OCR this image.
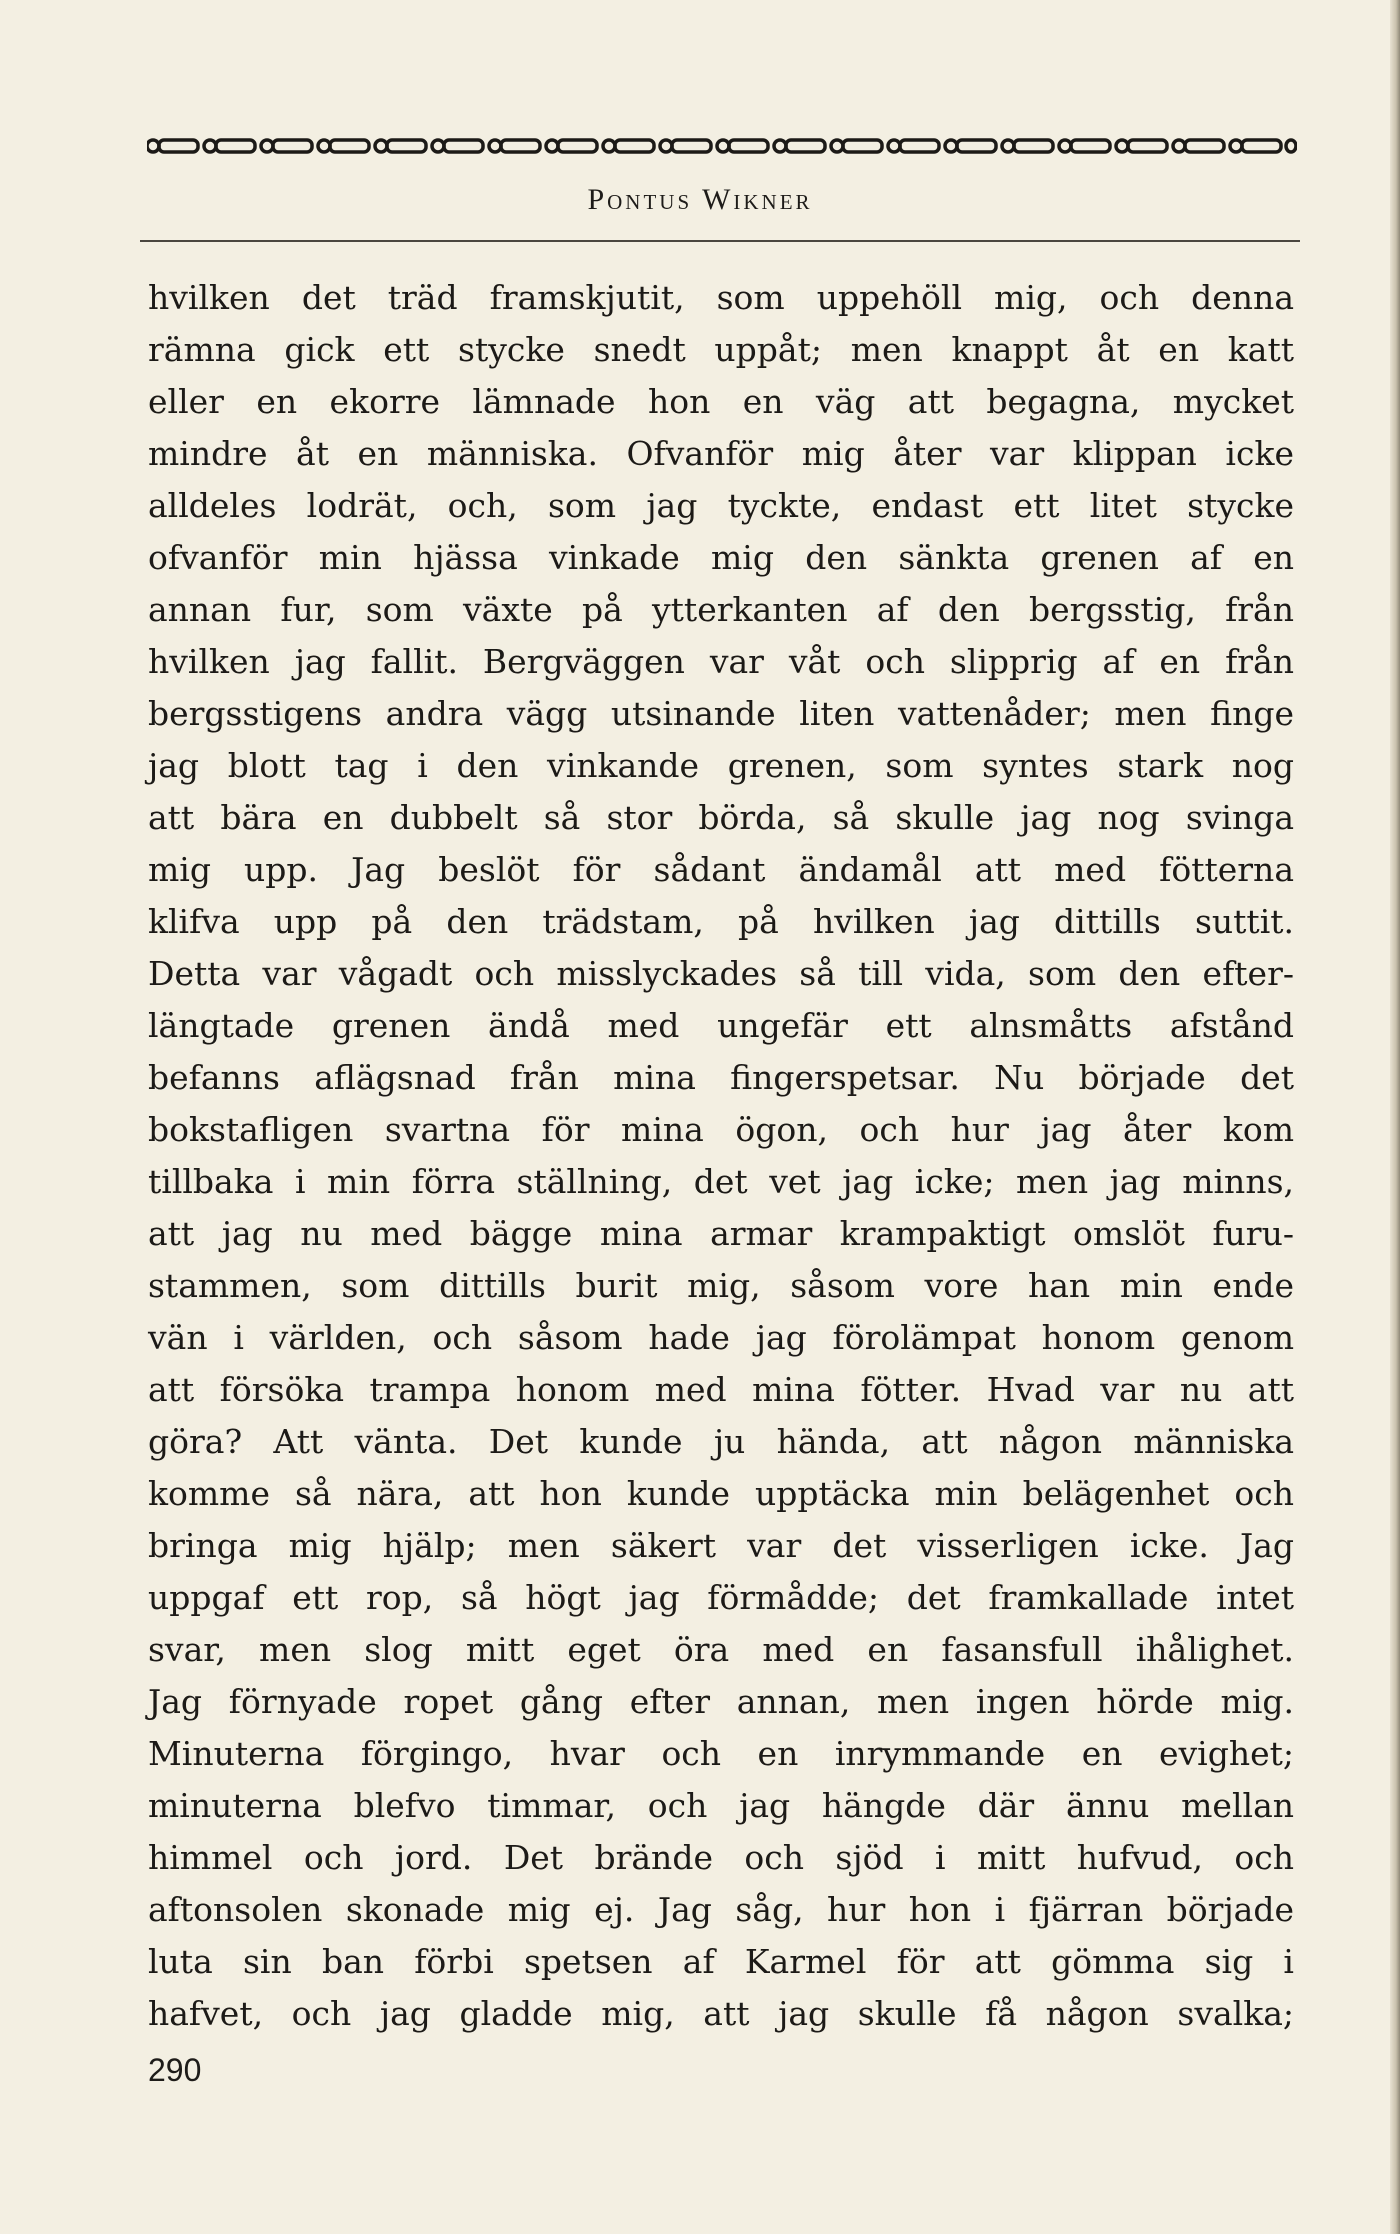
Pontus Wikner
hvilken det träd framskjutit, som uppehöll mig, och denna
rämna gick ett stycke snedt uppåt; men knappt åt en katt
eller en ekorre lämnade hon en väg att begagna, mycket
mindre åt en människa. Ofvanför mig åter var klippan icke
alldeles lodrät, och, som jag tyckte, endast ett litet stycke
ofvanför min hjässa vinkade mig den sänkta grenen af en
annan fur, som växte på ytterkanten af den bergsstig, från
hvilken jag fallit. Bergväggen var våt och slipprig af en från
bergsstigens andra vägg utsinande liten vattenåder; men finge
jag blott tag i den vinkande grenen, som syntes stark nog
att bära en dubbelt så stor börda, så skulle jag nog svinga
mig upp. Jag beslöt för sådant ändamål att med fötterna
klifva upp på den trädstam, på hvilken jag dittills suttit.
Detta var vågadt och misslyckades så till vida, som den efter-
längtade grenen ändå med ungefär ett alnsmåtts afstånd
befanns aflägsnad från mina fingerspetsar. Nu började det
bokstafligen svartna för mina ögon, och hur jag åter kom
tillbaka i min förra ställning, det vet jag icke; men jag minns,
att jag nu med bägge mina armar krampaktigt omslöt furu-
stammen, som dittills burit mig, såsom vore han min ende
vän i världen, och såsom hade jag förolämpat honom genom
att försöka trampa honom med mina fötter. Hvad var nu att
göra? Att vänta. Det kunde ju hända, att någon människa
komme så nära, att hon kunde upptäcka min belägenhet och
bringa mig hjälp; men säkert var det visserligen icke. Jag
uppgaf ett rop, så högt jag förmådde; det framkallade intet
svar, men slog mitt eget öra med en fasansfull ihålighet.
Jag förnyade ropet gång efter annan, men ingen hörde mig.
Minuterna förgingo, hvar och en inrymmande en evighet;
minuterna blefvo timmar, och jag hängde där ännu mellan
himmel och jord. Det brände och sjöd i mitt hufvud, och
aftonsolen skonade mig ej. Jag såg, hur hon i fjärran började
luta sin ban förbi spetsen af Karmel för att gömma sig i
hafvet, och jag gladde mig, att jag skulle få någon svalka;
290
